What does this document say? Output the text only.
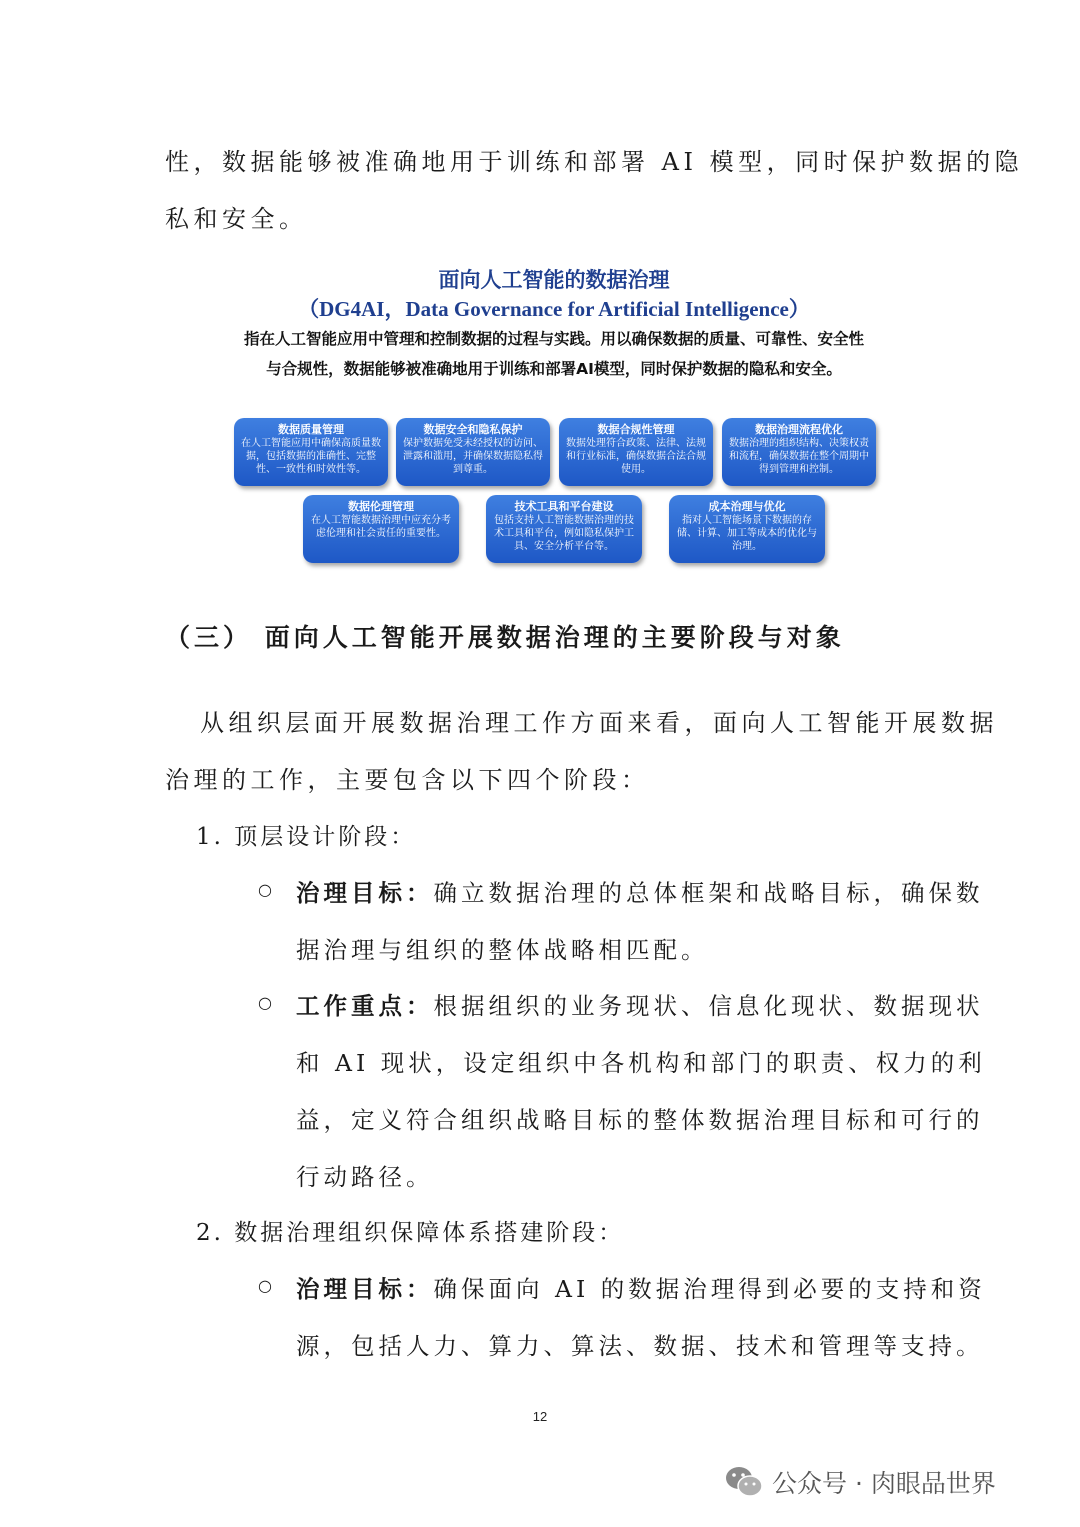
性，数据能够被准确地用于训练和部署 AI 模型，同时保护数据的隐
私和安全。
面向人工智能的数据治理
（DG4AI，Data Governance for Artificial Intelligence）
指在人工智能应用中管理和控制数据的过程与实践。用以确保数据的质量、可靠性、安全性与合规性，数据能够被准确地用于训练和部署AI模型，同时保护数据的隐私和安全。
数据质量管理
在人工智能应用中确保高质量数据，包括数据的准确性、完整性、一致性和时效性等。
数据安全和隐私保护
保护数据免受未经授权的访问、泄露和滥用，并确保数据隐私得到尊重。
数据合规性管理
数据处理符合政策、法律、法规和行业标准，确保数据合法合规使用。
数据治理流程优化
数据治理的组织结构、决策权责和流程，确保数据在整个周期中得到管理和控制。
数据伦理管理
在人工智能数据治理中应充分考虑伦理和社会责任的重要性。
技术工具和平台建设
包括支持人工智能数据治理的技术工具和平台，例如隐私保护工具、安全分析平台等。
成本治理与优化
指对人工智能场景下数据的存储、计算、加工等成本的优化与治理。
（三） 面向人工智能开展数据治理的主要阶段与对象
从组织层面开展数据治理工作方面来看，面向人工智能开展数据
治理的工作，主要包含以下四个阶段：
1. 顶层设计阶段：
○ 治理目标：确立数据治理的总体框架和战略目标，确保数
据治理与组织的整体战略相匹配。
○ 工作重点：根据组织的业务现状、信息化现状、数据现状
和 AI 现状，设定组织中各机构和部门的职责、权力的利
益，定义符合组织战略目标的整体数据治理目标和可行的
行动路径。
2. 数据治理组织保障体系搭建阶段：
○ 治理目标：确保面向 AI 的数据治理得到必要的支持和资
源，包括人力、算力、算法、数据、技术和管理等支持。
12
公众号 · 肉眼品世界
